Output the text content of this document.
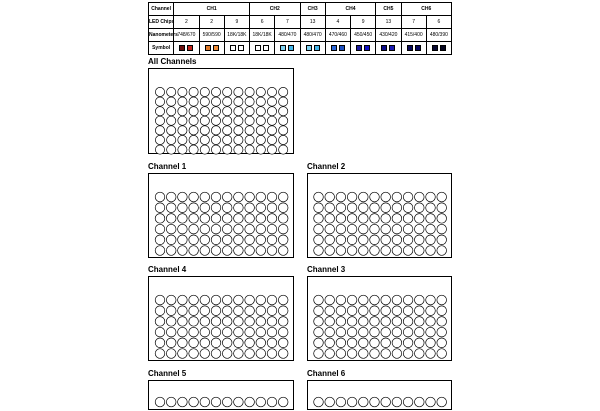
Channel	CH1			CH2		CH3	CH4		CH5	CH6	
LED Chips	2	2	9	6	7	13	4	9	13	7	6
Nanometers	748/670	590/590	18K/18K	18K/18K	480/470	480/470	470/460	450/450	430/420	415/400	480/390
Symbol											
All Channels
Channel 1	Channel 2
Channel 4	Channel 3
Channel 5	Channel 6
